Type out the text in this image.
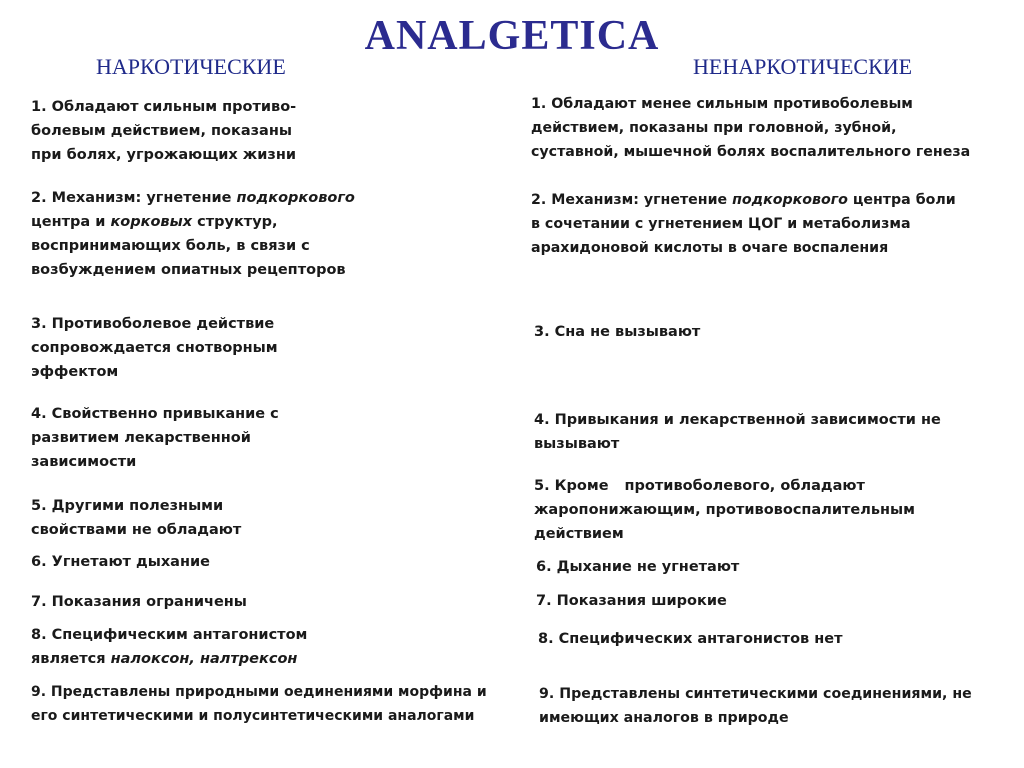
ANALGETICA
НАРКОТИЧЕСКИЕ	НЕНАРКОТИЧЕСКИЕ
1. Обладают сильным противо-
болевым действием, показаны
при болях, угрожающих жизни
2. Механизм: угнетение подкоркового
центра и корковых структур,
воспринимающих боль, в связи с
возбуждением опиатных рецепторов
3. Противоболевое действие
сопровождается снотворным
эффектом
4. Свойственно привыкание с
развитием лекарственной
зависимости
5. Другими полезными
свойствами не обладают
6. Угнетают дыхание
7. Показания ограничены
8. Специфическим антагонистом
является налоксон, налтрексон
9. Представлены природными оединениями морфина и
его синтетическими и полусинтетическими аналогами
1. Обладают менее сильным противоболевым
действием, показаны при головной, зубной,
суставной, мышечной болях воспалительного генеза
2. Механизм: угнетение подкоркового центра боли
в сочетании с угнетением ЦОГ и метаболизма
арахидоновой кислоты в очаге воспаления
3. Сна не вызывают
4. Привыкания и лекарственной зависимости не
вызывают
5. Кроме противоболевого, обладают
жаропонижающим, противовоспалительным
действием
6. Дыхание не угнетают
7. Показания широкие
8. Специфических антагонистов нет
9. Представлены синтетическими соединениями, не
имеющих аналогов в природе
